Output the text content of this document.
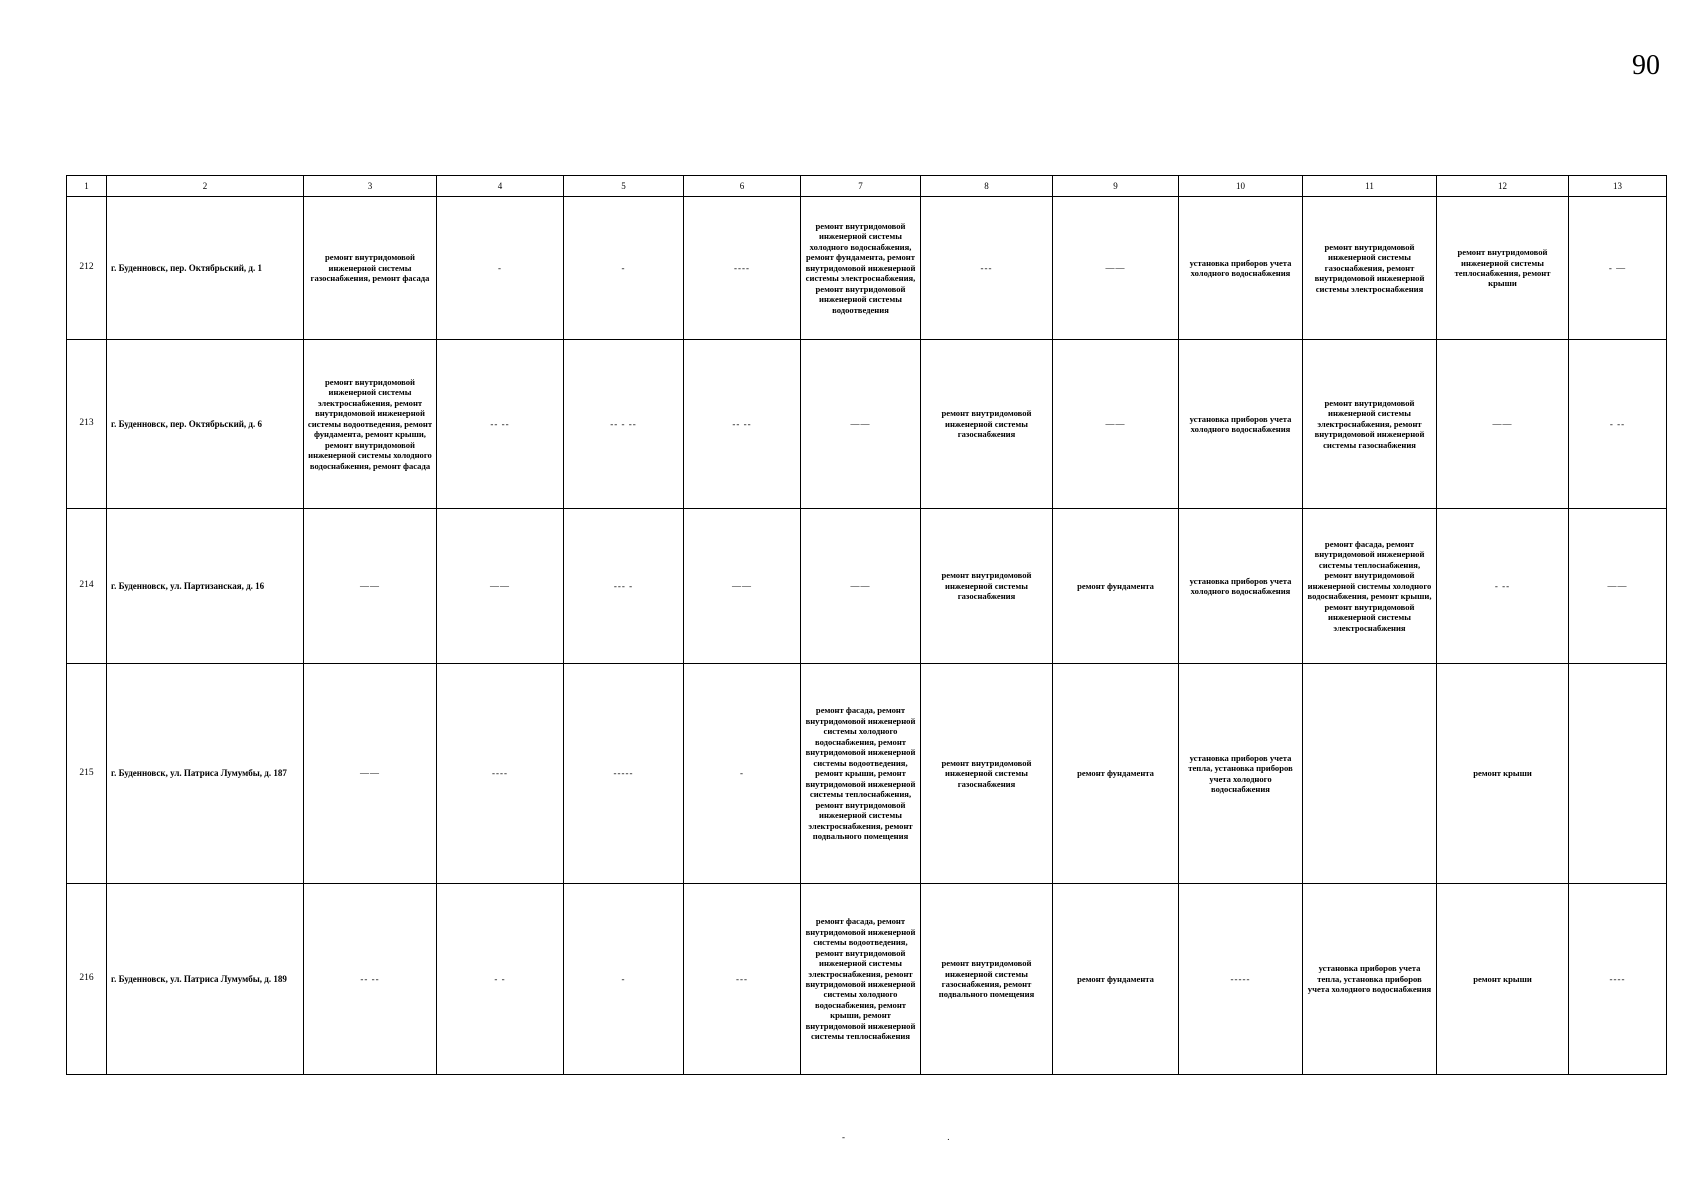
90
1	2	3	4	5	6	7	8	9	10	11	12	13
212	г. Буденновск, пер. Октябрьский, д. 1	ремонт внутридомовой инженерной системы газоснабжения, ремонт фасада	-	-	----	ремонт внутридомовой инженерной системы холодного водоснабжения, ремонт фундамента, ремонт внутридомовой инженерной системы электроснабжения, ремонт внутридомовой инженерной системы водоотведения	---	——	установка приборов учета холодного водоснабжения	ремонт внутридомовой инженерной системы газоснабжения, ремонт внутридомовой инженерной системы электроснабжения	ремонт внутридомовой инженерной системы теплоснабжения, ремонт крыши	- —
213	г. Буденновск, пер. Октябрьский, д. 6	ремонт внутридомовой инженерной системы электроснабжения, ремонт внутридомовой инженерной системы водоотведения, ремонт фундамента, ремонт крыши, ремонт внутридомовой инженерной системы холодного водоснабжения, ремонт фасада	-- --	-- - --	-- --	——	ремонт внутридомовой инженерной системы газоснабжения	——	установка приборов учета холодного водоснабжения	ремонт внутридомовой инженерной системы электроснабжения, ремонт внутридомовой инженерной системы газоснабжения	——	- --
214	г. Буденновск, ул. Партизанская, д. 16	——	——	--- -	——	——	ремонт внутридомовой инженерной системы газоснабжения	ремонт фундамента	установка приборов учета холодного водоснабжения	ремонт фасада, ремонт внутридомовой инженерной системы теплоснабжения, ремонт внутридомовой инженерной системы холодного водоснабжения, ремонт крыши, ремонт внутридомовой инженерной системы электроснабжения	- --	——
215	г. Буденновск, ул. Патриса Лумумбы, д. 187	——	----	-----	-	ремонт фасада, ремонт внутридомовой инженерной системы холодного водоснабжения, ремонт внутридомовой инженерной системы водоотведения, ремонт крыши, ремонт внутридомовой инженерной системы теплоснабжения, ремонт внутридомовой инженерной системы электроснабжения, ремонт подвального помещения	ремонт внутридомовой инженерной системы газоснабжения	ремонт фундамента	установка приборов учета тепла, установка приборов учета холодного водоснабжения		ремонт крыши	
216	г. Буденновск, ул. Патриса Лумумбы, д. 189	-- --	- -	-	---	ремонт фасада, ремонт внутридомовой инженерной системы водоотведения, ремонт внутридомовой инженерной системы электроснабжения, ремонт внутридомовой инженерной системы холодного водоснабжения, ремонт крыши, ремонт внутридомовой инженерной системы теплоснабжения	ремонт внутридомовой инженерной системы газоснабжения, ремонт подвального помещения	ремонт фундамента	-----	установка приборов учета тепла, установка приборов учета холодного водоснабжения	ремонт крыши	----
- .
